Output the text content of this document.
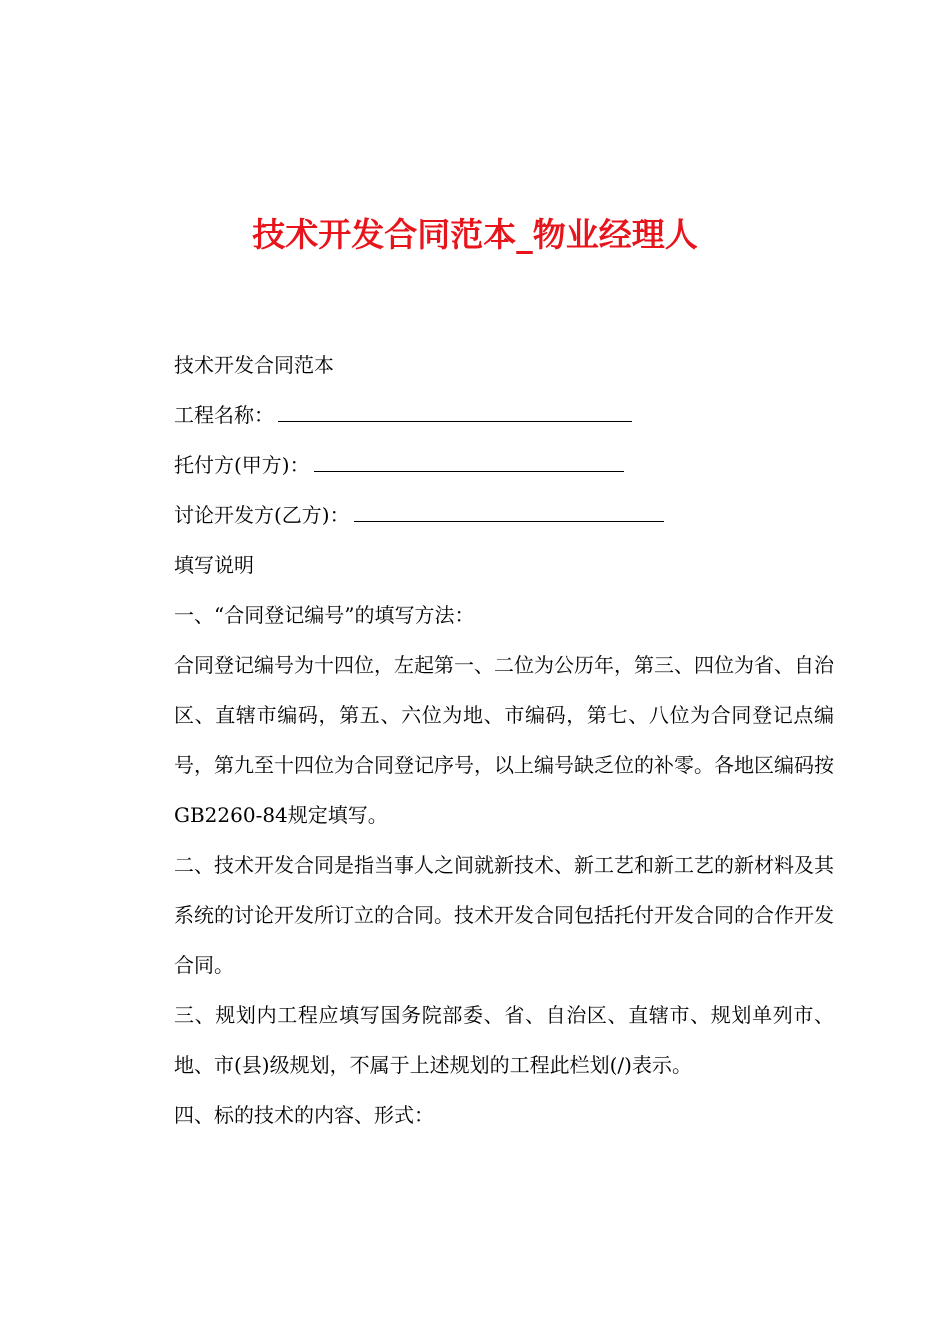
技术开发合同范本_物业经理人

技术开发合同范本

工程名称：

托付方(甲方)：

讨论开发方(乙方)：

填写说明

一、“合同登记编号”的填写方法：

合同登记编号为十四位，左起第一、二位为公历年，第三、四位为省、自治区、直辖市编码，第五、六位为地、市编码，第七、八位为合同登记点编号，第九至十四位为合同登记序号，以上编号缺乏位的补零。各地区编码按GB2260-84规定填写。

二、技术开发合同是指当事人之间就新技术、新工艺和新工艺的新材料及其系统的讨论开发所订立的合同。技术开发合同包括托付开发合同的合作开发合同。

三、规划内工程应填写国务院部委、省、自治区、直辖市、规划单列市、地、市(县)级规划，不属于上述规划的工程此栏划(/)表示。

四、标的技术的内容、形式：
